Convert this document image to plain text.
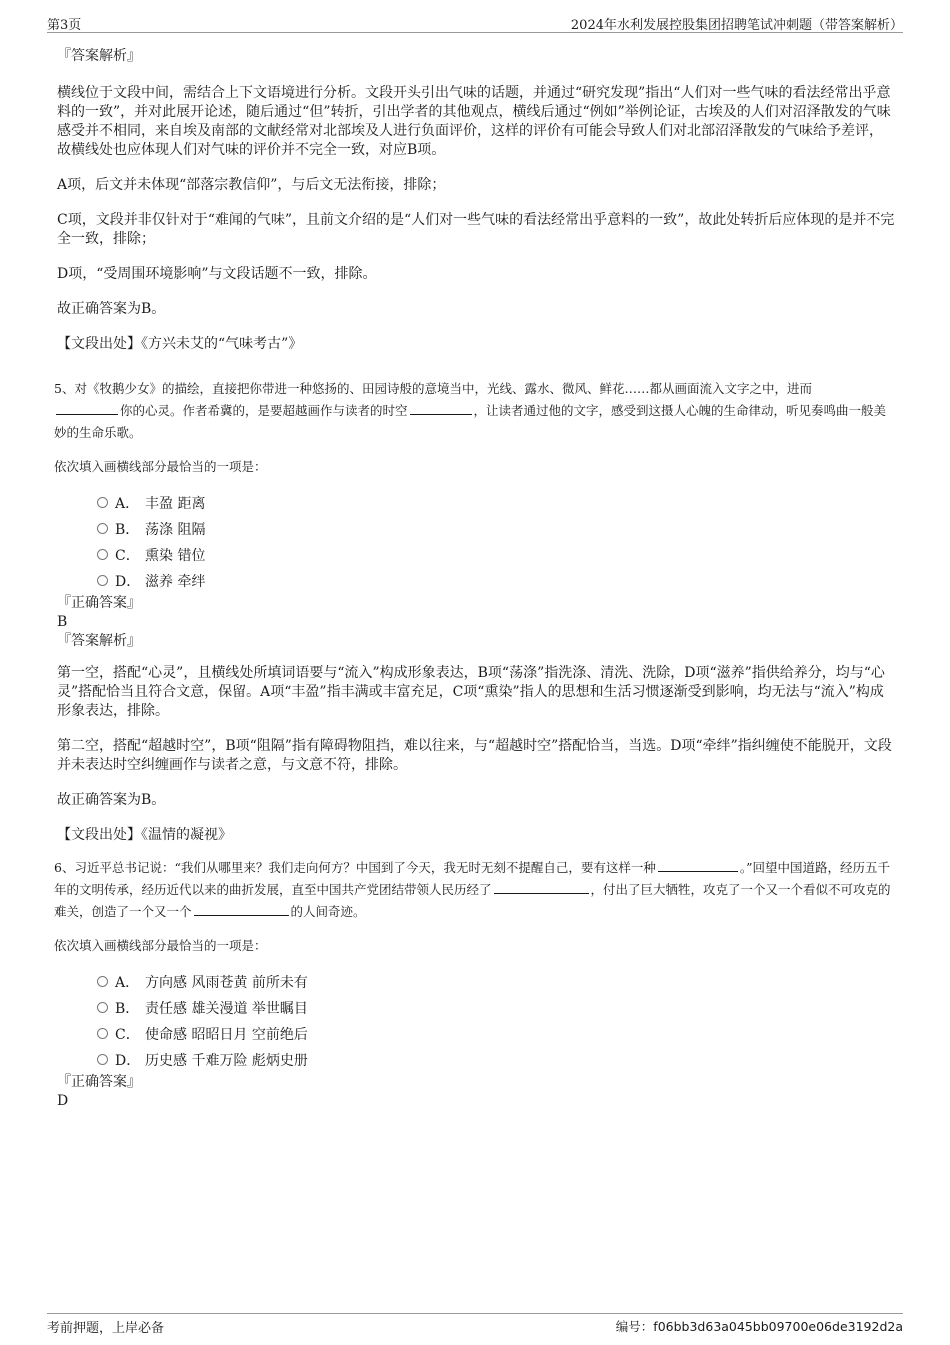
第3页	2024年水利发展控股集团招聘笔试冲刺题（带答案解析）

『答案解析』

横线位于文段中间，需结合上下文语境进行分析。文段开头引出气味的话题，并通过“研究发现”指出“人们对一些气味的看法经常出乎意料的一致”，并对此展开论述，随后通过“但”转折，引出学者的其他观点，横线后通过“例如”举例论证，古埃及的人们对沼泽散发的气味感受并不相同，来自埃及南部的文献经常对北部埃及人进行负面评价，这样的评价有可能会导致人们对北部沼泽散发的气味给予差评，故横线处也应体现人们对气味的评价并不完全一致，对应B项。

A项，后文并未体现“部落宗教信仰”，与后文无法衔接，排除；

C项，文段并非仅针对于“难闻的气味”，且前文介绍的是“人们对一些气味的看法经常出乎意料的一致”，故此处转折后应体现的是并不完全一致，排除；

D项，“受周围环境影响”与文段话题不一致，排除。

故正确答案为B。

【文段出处】《方兴未艾的“气味考古”》

5、对《牧鹅少女》的描绘，直接把你带进一种悠扬的、田园诗般的意境当中，光线、露水、微风、鲜花……都从画面流入文字之中，进而
你的心灵。作者希冀的，是要超越画作与读者的时空	，让读者通过他的文字，感受到这摄人心魄的生命律动，听见奏鸣曲一般美妙的生命乐歌。

依次填入画横线部分最恰当的一项是：

A． 丰盈 距离
B． 荡涤 阻隔
C． 熏染 错位
D． 滋养 牵绊

『正确答案』

B

『答案解析』

第一空，搭配“心灵”，且横线处所填词语要与“流入”构成形象表达，B项“荡涤”指洗涤、清洗、洗除，D项“滋养”指供给养分，均与“心灵”搭配恰当且符合文意，保留。A项“丰盈”指丰满或丰富充足，C项“熏染”指人的思想和生活习惯逐渐受到影响，均无法与“流入”构成形象表达，排除。

第二空，搭配“超越时空”，B项“阻隔”指有障碍物阻挡，难以往来，与“超越时空”搭配恰当，当选。D项“牵绊”指纠缠使不能脱开，文段并未表达时空纠缠画作与读者之意，与文意不符，排除。

故正确答案为B。

【文段出处】《温情的凝视》

6、习近平总书记说：“我们从哪里来？我们走向何方？中国到了今天，我无时无刻不提醒自己，要有这样一种	。”回望中国道路，经历五千年的文明传承，经历近代以来的曲折发展，直至中国共产党团结带领人民历经了	，付出了巨大牺牲，攻克了一个又一个看似不可攻克的难关，创造了一个又一个	的人间奇迹。

依次填入画横线部分最恰当的一项是：

A． 方向感 风雨苍黄 前所未有
B． 责任感 雄关漫道 举世瞩目
C． 使命感 昭昭日月 空前绝后
D． 历史感 千难万险 彪炳史册

『正确答案』

D

考前押题，上岸必备	编号：f06bb3d63a045bb09700e06de3192d2a
